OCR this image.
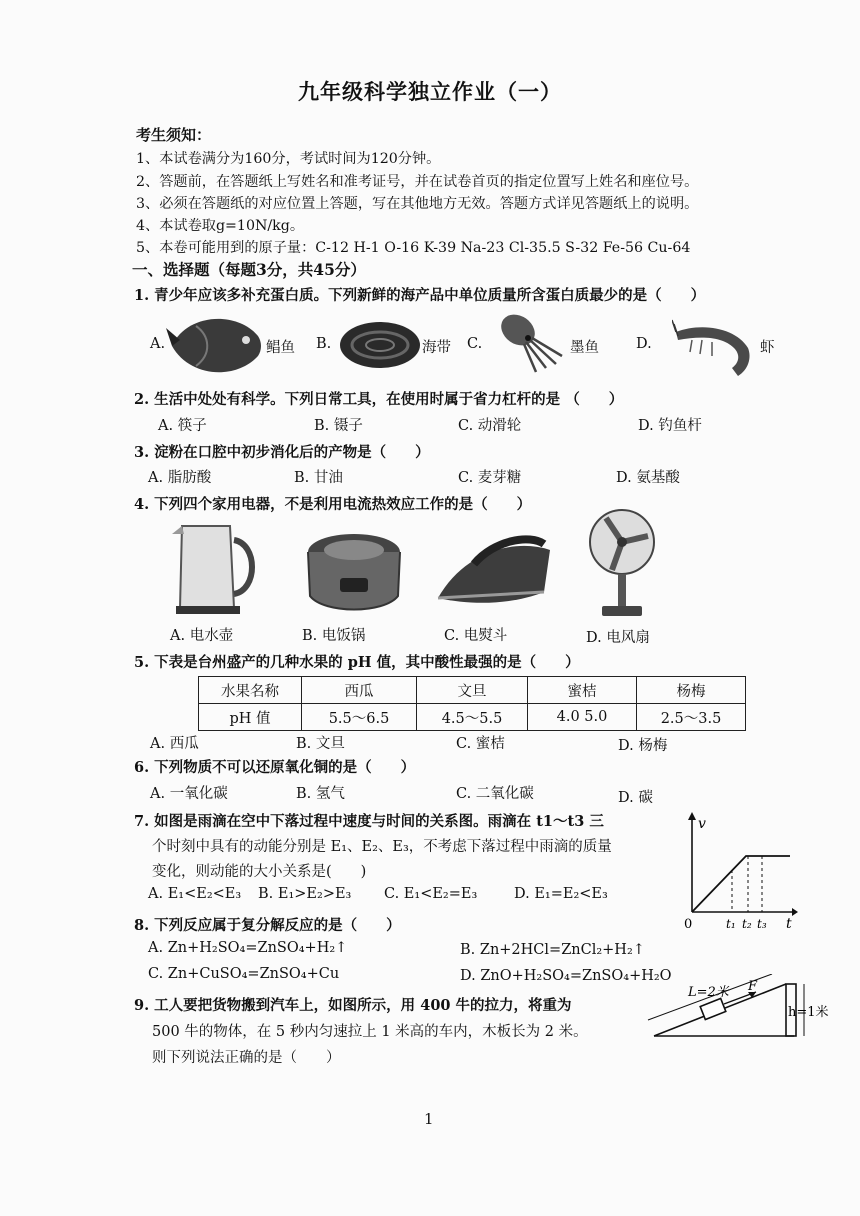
九年级科学独立作业（一）
考生须知：
1、本试卷满分为160分，考试时间为120分钟。
2、答题前，在答题纸上写姓名和准考证号，并在试卷首页的指定位置写上姓名和座位号。
3、必须在答题纸的对应位置上答题，写在其他地方无效。答题方式详见答题纸上的说明。
4、本试卷取g=10N/kg。
5、本卷可能用到的原子量：C-12 H-1 O-16 K-39 Na-23 Cl-35.5 S-32 Fe-56 Cu-64
一、选择题（每题3分，共45分）
1. 青少年应该多补充蛋白质。下列新鲜的海产品中单位质量所含蛋白质最少的是（　　）
A.	鲳鱼 B.	海带 C.	墨鱼	D.	虾
2. 生活中处处有科学。下列日常工具，在使用时属于省力杠杆的是 （　　）
A. 筷子	B. 镊子	C. 动滑轮	D. 钓鱼杆
3. 淀粉在口腔中初步消化后的产物是（　　）
A. 脂肪酸	B. 甘油	C. 麦芽糖	D. 氨基酸
4. 下列四个家用电器，不是利用电流热效应工作的是（　　）
A. 电水壶	B. 电饭锅	C. 电熨斗	D. 电风扇
5. 下表是台州盛产的几种水果的 pH 值，其中酸性最强的是（　　）
水果名称	西瓜	文旦	蜜桔	杨梅
pH 值	5.5～6.5	4.5～5.5	4.0 5.0	2.5～3.5
A. 西瓜	B. 文旦	C. 蜜桔	D. 杨梅
6. 下列物质不可以还原氧化铜的是（　　）
A. 一氧化碳	B. 氢气	C. 二氧化碳	D. 碳
7. 如图是雨滴在空中下落过程中速度与时间的关系图。雨滴在 t1～t3 三
个时刻中具有的动能分别是 E₁、E₂、E₃，不考虑下落过程中雨滴的质量
变化，则动能的大小关系是(　　)
A. E₁<E₂<E₃ B. E₁>E₂>E₃ C. E₁<E₂=E₃	D. E₁=E₂<E₃
v
t
0	t₁ t₂ t₃
8. 下列反应属于复分解反应的是（　　）
A. Zn+H₂SO₄=ZnSO₄+H₂↑	B. Zn+2HCl=ZnCl₂+H₂↑
C. Zn+CuSO₄=ZnSO₄+Cu	D. ZnO+H₂SO₄=ZnSO₄+H₂O
9. 工人要把货物搬到汽车上，如图所示，用 400 牛的拉力，将重为
500 牛的物体，在 5 秒内匀速拉上 1 米高的车内，木板长为 2 米。
则下列说法正确的是（　　）
L=2米 F
h=1米
1
